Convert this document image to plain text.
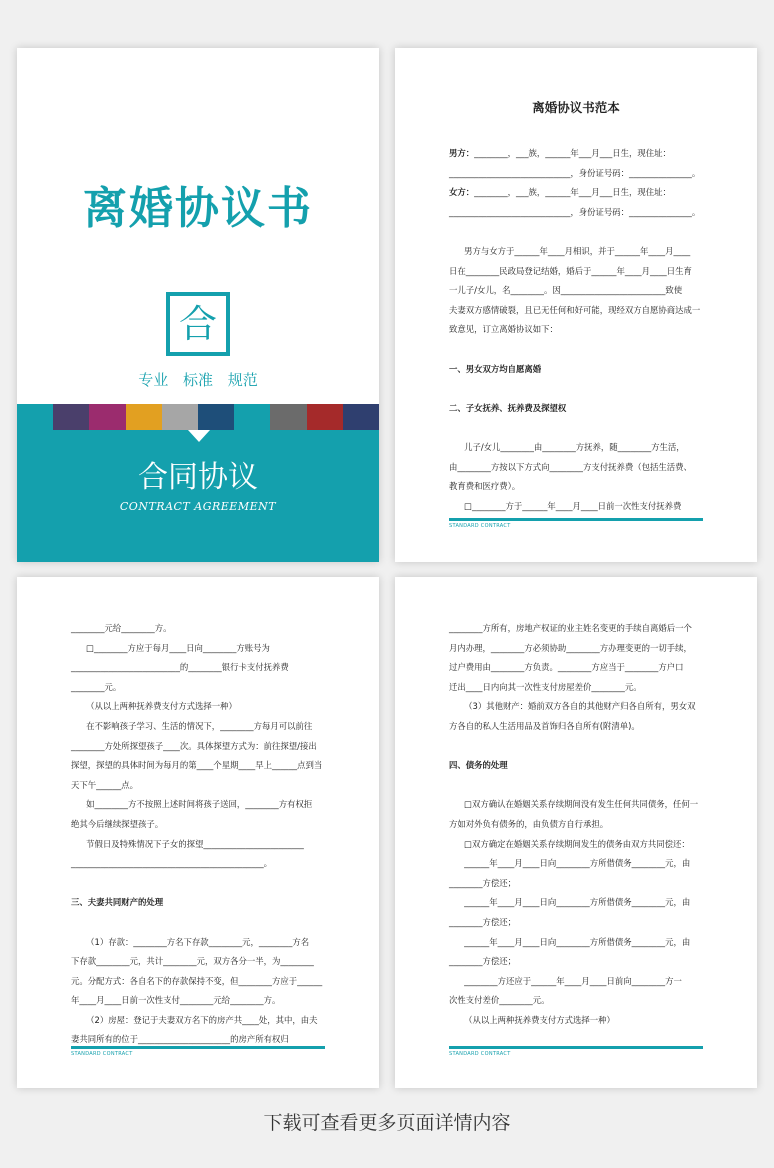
离婚协议书
合
专业 标准 规范
合同协议
CONTRACT AGREEMENT
离婚协议书范本

男方：________，___族，______年___月___日生，现住址：

_____________________________，身份证号码：_______________。

女方：________，___族，______年___月___日生，现住址：

_____________________________，身份证号码：_______________。

男方与女方于______年____月相识，并于______年____月____

日在________民政局登记结婚，婚后于______年____月____日生育

一儿子/女儿，名________。因_________________________致使

夫妻双方感情破裂，且已无任何和好可能，现经双方自愿协商达成一

致意见，订立离婚协议如下：

一、男女双方均自愿离婚

二、子女抚养、抚养费及探望权

儿子/女儿________由________方抚养，随________方生活，

由________方按以下方式向________方支付抚养费（包括生活费、

教育费和医疗费）。

□________方于______年____月____日前一次性支付抚养费

STANDARD CONTRACT

________元给________方。

□________方应于每月____日向________方账号为

__________________________的________银行卡支付抚养费

________元。

（从以上两种抚养费支付方式选择一种）

在不影响孩子学习、生活的情况下，________方每月可以前往

________方处所探望孩子____次。具体探望方式为：前往探望/接出

探望，探望的具体时间为每月的第____个星期____早上______点到当

天下午______点。

如________方不按照上述时间将孩子送回，________方有权拒

绝其今后继续探望孩子。

节假日及特殊情况下子女的探望________________________

______________________________________________。

三、夫妻共同财产的处理

（1）存款：________方名下存款________元，________方名

下存款________元，共计________元，双方各分一半，为________

元。分配方式：各自名下的存款保持不变，但________方应于______

年____月____日前一次性支付________元给________方。

（2）房屋：登记于夫妻双方名下的房产共____处，其中，由夫

妻共同所有的位于______________________的房产所有权归

STANDARD CONTRACT

________方所有，房地产权证的业主姓名变更的手续自离婚后一个

月内办理，________方必须协助________方办理变更的一切手续，

过户费用由________方负责。________方应当于________方户口

迁出____日内向其一次性支付房屋差价________元。

（3）其他财产：婚前双方各自的其他财产归各自所有，男女双

方各自的私人生活用品及首饰归各自所有(附清单)。

四、债务的处理

□双方确认在婚姻关系存续期间没有发生任何共同债务，任何一

方如对外负有债务的，由负债方自行承担。

□双方确定在婚姻关系存续期间发生的债务由双方共同偿还：

______年____月____日向________方所借债务________元，由

________方偿还；

______年____月____日向________方所借债务________元，由

________方偿还；

______年____月____日向________方所借债务________元，由

________方偿还；

________方还应于______年____月____日前向________方一

次性支付差价________元。

（从以上两种抚养费支付方式选择一种）

STANDARD CONTRACT
下载可查看更多页面详情内容
